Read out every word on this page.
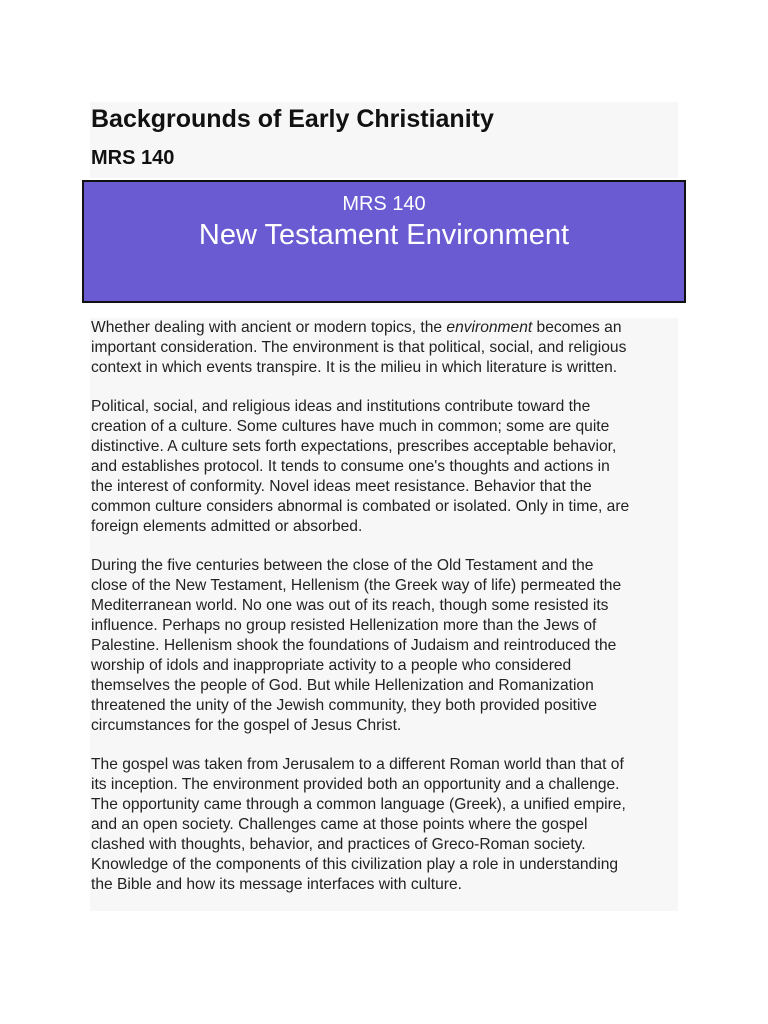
Backgrounds of Early Christianity
MRS 140
MRS 140
New Testament Environment

Whether dealing with ancient or modern topics, the environment becomes an
important consideration. The environment is that political, social, and religious
context in which events transpire. It is the milieu in which literature is written.

Political, social, and religious ideas and institutions contribute toward the
creation of a culture. Some cultures have much in common; some are quite
distinctive. A culture sets forth expectations, prescribes acceptable behavior,
and establishes protocol. It tends to consume one's thoughts and actions in
the interest of conformity. Novel ideas meet resistance. Behavior that the
common culture considers abnormal is combated or isolated. Only in time, are
foreign elements admitted or absorbed.

During the five centuries between the close of the Old Testament and the
close of the New Testament, Hellenism (the Greek way of life) permeated the
Mediterranean world. No one was out of its reach, though some resisted its
influence. Perhaps no group resisted Hellenization more than the Jews of
Palestine. Hellenism shook the foundations of Judaism and reintroduced the
worship of idols and inappropriate activity to a people who considered
themselves the people of God. But while Hellenization and Romanization
threatened the unity of the Jewish community, they both provided positive
circumstances for the gospel of Jesus Christ.

The gospel was taken from Jerusalem to a different Roman world than that of
its inception. The environment provided both an opportunity and a challenge.
The opportunity came through a common language (Greek), a unified empire,
and an open society. Challenges came at those points where the gospel
clashed with thoughts, behavior, and practices of Greco-Roman society.
Knowledge of the components of this civilization play a role in understanding
the Bible and how its message interfaces with culture.
